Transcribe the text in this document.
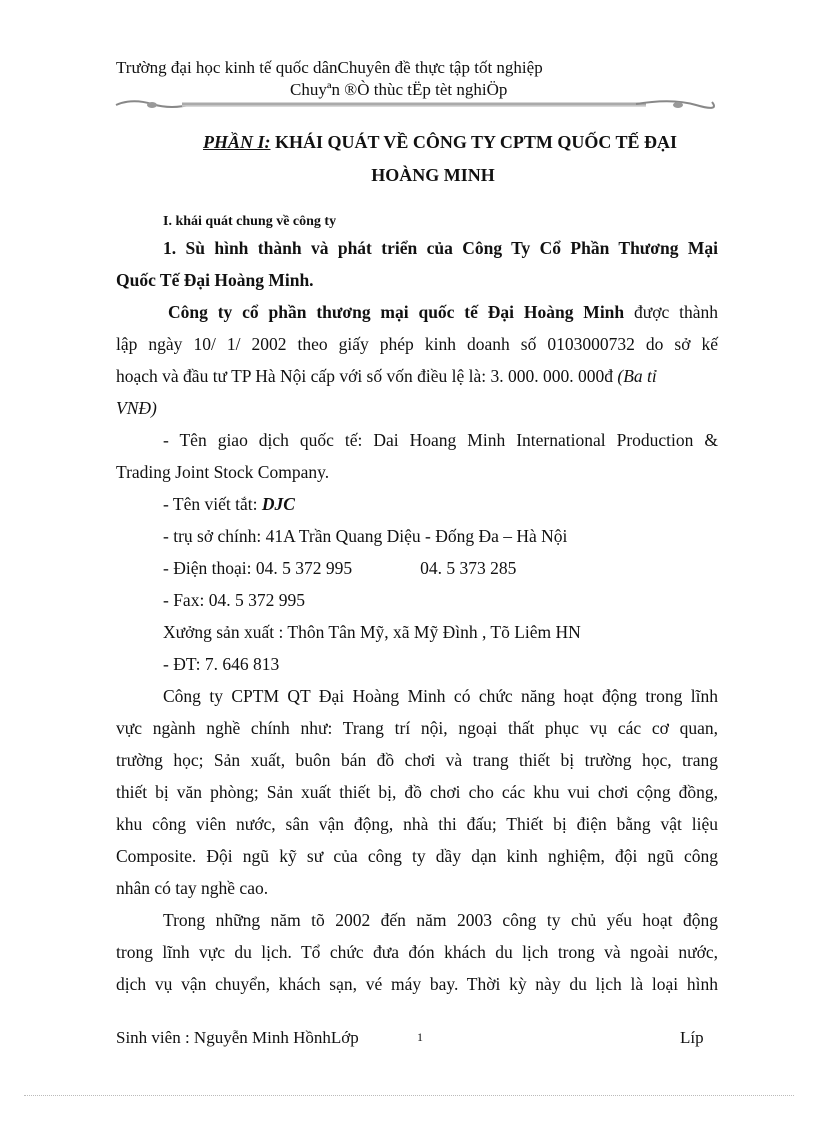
Trường đại học kinh tế quốc dânChuyên đề thực tập tốt nghiệp
Chuyªn ®Ò thùc tËp tèt nghiÖp
PHẦN I: KHÁI QUÁT VỀ CÔNG TY CPTM QUỐC TẾ ĐẠI
HOÀNG MINH
I. khái quát chung về công ty
1. Sù hình thành và phát triển của Công Ty Cổ Phần Thương Mại
Quốc Tế Đại Hoàng Minh.
Công ty cổ phần thương mại quốc tế Đại Hoàng Minh được thành
lập ngày 10/ 1/ 2002 theo giấy phép kinh doanh số 0103000732 do sở kế
hoạch và đầu tư TP Hà Nội cấp với số vốn điều lệ là: 3. 000. 000. 000đ (Ba tỉ
VNĐ)
- Tên giao dịch quốc tế: Dai Hoang Minh International Production &
Trading Joint Stock Company.
- Tên viết tắt: DJC
- trụ sở chính: 41A Trần Quang Diệu - Đống Đa – Hà Nội
- Điện thoại: 04. 5 372 995	04. 5 373 285
- Fax: 04. 5 372 995
Xưởng sản xuất : Thôn Tân Mỹ, xã Mỹ Đình , Tõ Liêm HN
- ĐT: 7. 646 813
Công ty CPTM QT Đại Hoàng Minh có chức năng hoạt động trong lĩnh
vực ngành nghề chính như: Trang trí nội, ngoại thất phục vụ các cơ quan,
trường học; Sản xuất, buôn bán đồ chơi và trang thiết bị trường học, trang
thiết bị văn phòng; Sản xuất thiết bị, đồ chơi cho các khu vui chơi cộng đồng,
khu công viên nước, sân vận động, nhà thi đấu; Thiết bị điện bằng vật liệu
Composite. Đội ngũ kỹ sư của công ty dầy dạn kinh nghiệm, đội ngũ công
nhân có tay nghề cao.
Trong những năm tõ 2002 đến năm 2003 công ty chủ yếu hoạt động
trong lĩnh vực du lịch. Tổ chức đưa đón khách du lịch trong và ngoài nước,
dịch vụ vận chuyển, khách sạn, vé máy bay. Thời kỳ này du lịch là loại hình
Sinh viên : Nguyễn Minh HồnhLớp	1	Líp
